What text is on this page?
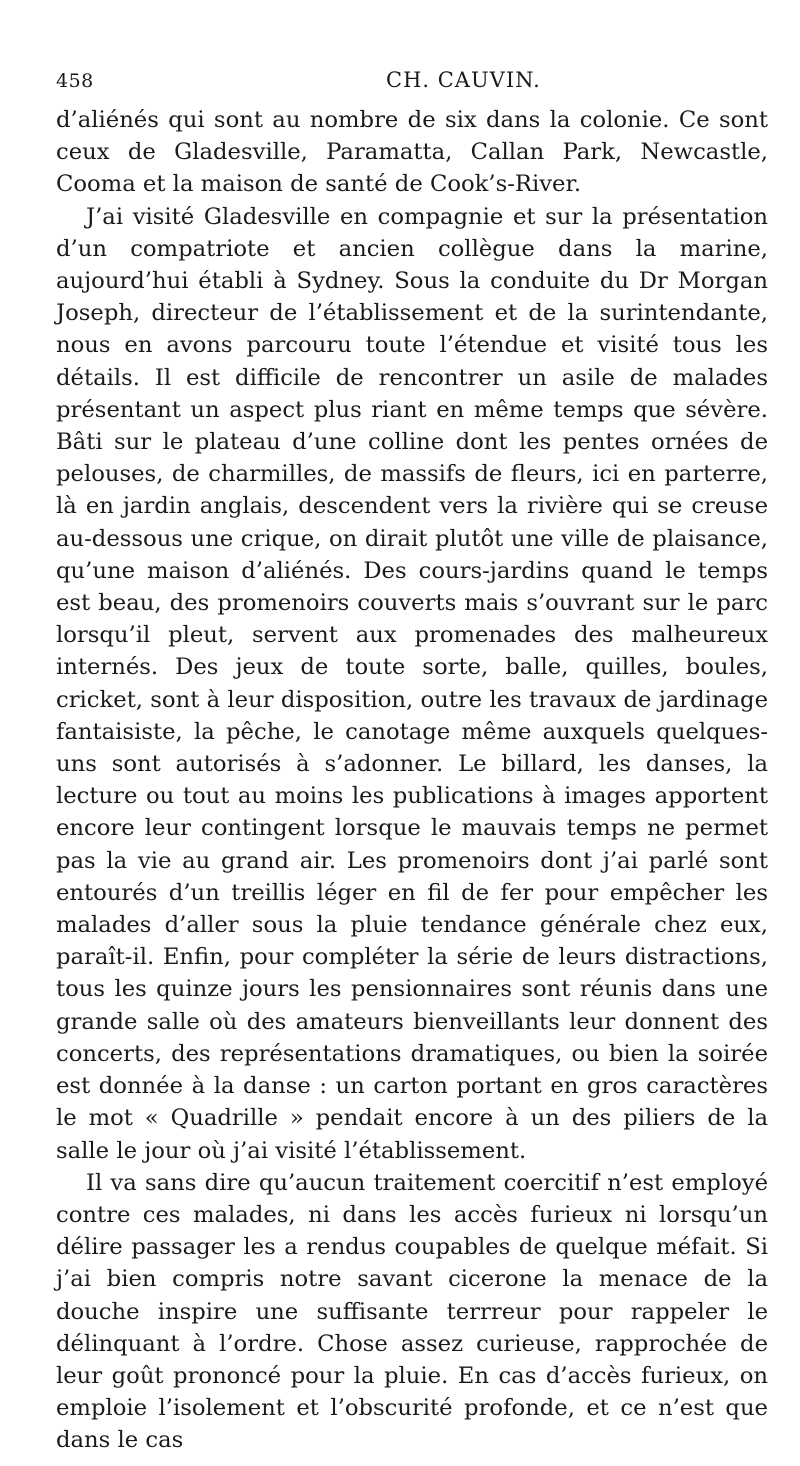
458	CH. CAUVIN.

d’aliénés qui sont au nombre de six dans la colonie. Ce sont ceux de Gladesville, Paramatta, Callan Park, Newcastle, Cooma et la maison de santé de Cook’s-River.

J’ai visité Gladesville en compagnie et sur la présentation d’un compatriote et ancien collègue dans la marine, aujourd’hui établi à Sydney. Sous la conduite du Dr Morgan Joseph, directeur de l’établissement et de la surintendante, nous en avons parcouru toute l’étendue et visité tous les détails. Il est difficile de rencontrer un asile de malades présentant un aspect plus riant en même temps que sévère. Bâti sur le plateau d’une colline dont les pentes ornées de pelouses, de charmilles, de massifs de fleurs, ici en parterre, là en jardin anglais, descendent vers la rivière qui se creuse au-dessous une crique, on dirait plutôt une ville de plaisance, qu’une maison d’aliénés. Des cours-jardins quand le temps est beau, des promenoirs couverts mais s’ouvrant sur le parc lorsqu’il pleut, servent aux promenades des malheureux internés. Des jeux de toute sorte, balle, quilles, boules, cricket, sont à leur disposition, outre les travaux de jardinage fantaisiste, la pêche, le canotage même auxquels quelques-uns sont autorisés à s’adonner. Le billard, les danses, la lecture ou tout au moins les publications à images apportent encore leur contingent lorsque le mauvais temps ne permet pas la vie au grand air. Les promenoirs dont j’ai parlé sont entourés d’un treillis léger en fil de fer pour empêcher les malades d’aller sous la pluie tendance générale chez eux, paraît-il. Enfin, pour compléter la série de leurs distractions, tous les quinze jours les pensionnaires sont réunis dans une grande salle où des amateurs bienveillants leur donnent des concerts, des représentations dramatiques, ou bien la soirée est donnée à la danse : un carton portant en gros caractères le mot « Quadrille » pendait encore à un des piliers de la salle le jour où j’ai visité l’établissement.

Il va sans dire qu’aucun traitement coercitif n’est employé contre ces malades, ni dans les accès furieux ni lorsqu’un délire passager les a rendus coupables de quelque méfait. Si j’ai bien compris notre savant cicerone la menace de la douche inspire une suffisante terrreur pour rappeler le délinquant à l’ordre. Chose assez curieuse, rapprochée de leur goût prononcé pour la pluie. En cas d’accès furieux, on emploie l’isolement et l’obscurité profonde, et ce n’est que dans le cas
